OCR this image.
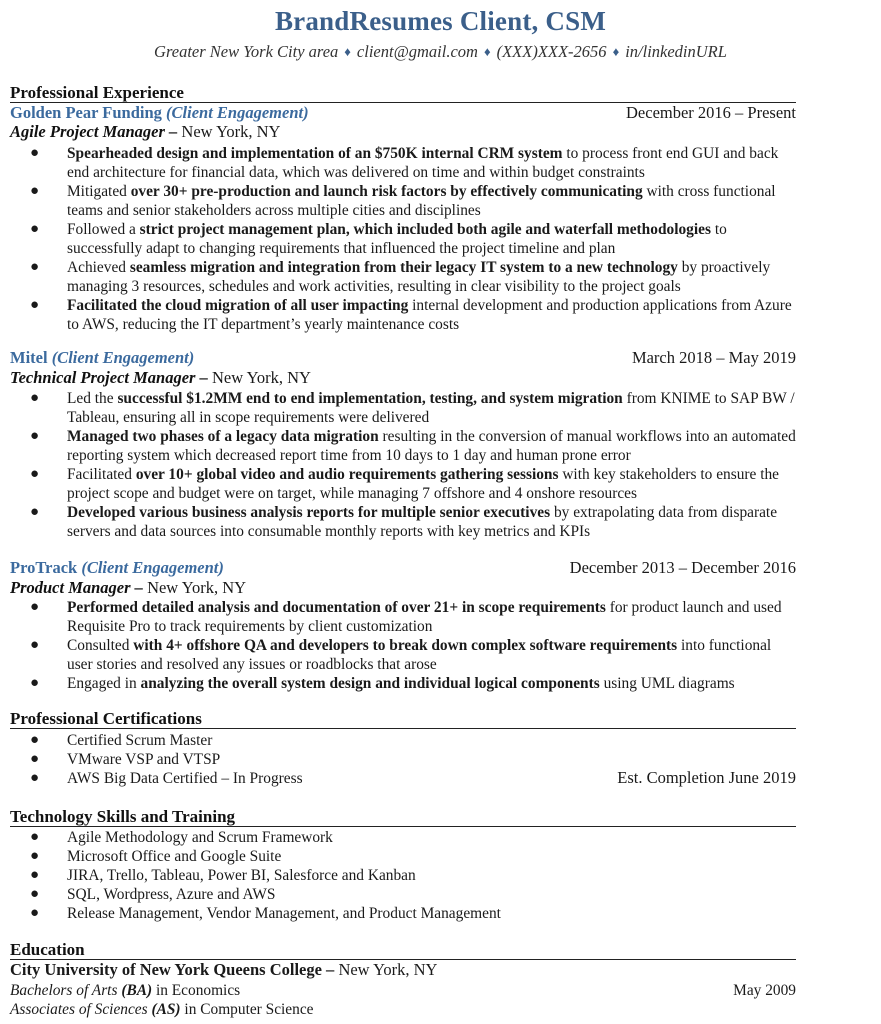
BrandResumes Client, CSM
Greater New York City area ♦ client@gmail.com ♦ (XXX)XXX-2656 ♦ in/linkedinURL
Professional Experience
Golden Pear Funding (Client Engagement)	December 2016 – Present
Agile Project Manager – New York, NY
● Spearheaded design and implementation of an $750K internal CRM system to process front end GUI and back end architecture for financial data, which was delivered on time and within budget constraints
● Mitigated over 30+ pre-production and launch risk factors by effectively communicating with cross functional teams and senior stakeholders across multiple cities and disciplines
● Followed a strict project management plan, which included both agile and waterfall methodologies to successfully adapt to changing requirements that influenced the project timeline and plan
● Achieved seamless migration and integration from their legacy IT system to a new technology by proactively managing 3 resources, schedules and work activities, resulting in clear visibility to the project goals
● Facilitated the cloud migration of all user impacting internal development and production applications from Azure to AWS, reducing the IT department’s yearly maintenance costs
Mitel (Client Engagement)	March 2018 – May 2019
Technical Project Manager – New York, NY
● Led the successful $1.2MM end to end implementation, testing, and system migration from KNIME to SAP BW / Tableau, ensuring all in scope requirements were delivered
● Managed two phases of a legacy data migration resulting in the conversion of manual workflows into an automated reporting system which decreased report time from 10 days to 1 day and human prone error
● Facilitated over 10+ global video and audio requirements gathering sessions with key stakeholders to ensure the project scope and budget were on target, while managing 7 offshore and 4 onshore resources
● Developed various business analysis reports for multiple senior executives by extrapolating data from disparate servers and data sources into consumable monthly reports with key metrics and KPIs
ProTrack (Client Engagement)	December 2013 – December 2016
Product Manager – New York, NY
● Performed detailed analysis and documentation of over 21+ in scope requirements for product launch and used Requisite Pro to track requirements by client customization
● Consulted with 4+ offshore QA and developers to break down complex software requirements into functional user stories and resolved any issues or roadblocks that arose
● Engaged in analyzing the overall system design and individual logical components using UML diagrams
Professional Certifications
● Certified Scrum Master
● VMware VSP and VTSP
● AWS Big Data Certified – In Progress	Est. Completion June 2019
Technology Skills and Training
● Agile Methodology and Scrum Framework
● Microsoft Office and Google Suite
● JIRA, Trello, Tableau, Power BI, Salesforce and Kanban
● SQL, Wordpress, Azure and AWS
● Release Management, Vendor Management, and Product Management
Education
City University of New York Queens College – New York, NY
Bachelors of Arts (BA) in Economics	May 2009
Associates of Sciences (AS) in Computer Science
